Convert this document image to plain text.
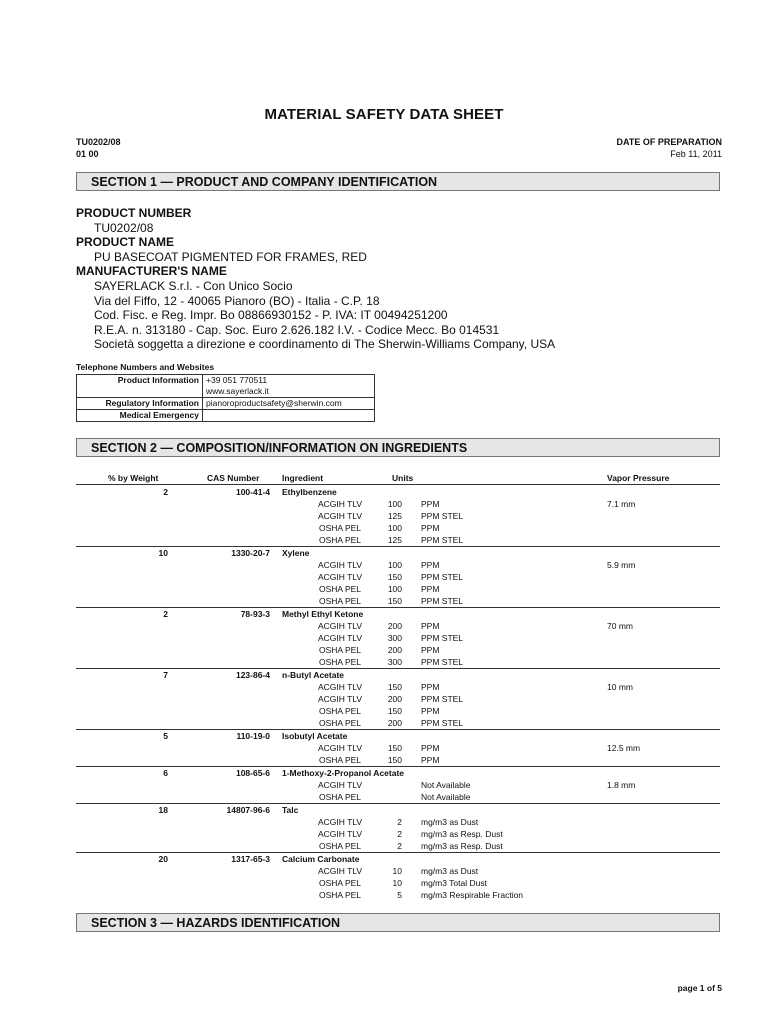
MATERIAL SAFETY DATA SHEET
TU0202/08
01 00
DATE OF PREPARATION
Feb 11, 2011
SECTION 1 — PRODUCT AND COMPANY IDENTIFICATION
PRODUCT NUMBER
TU0202/08
PRODUCT NAME
PU BASECOAT PIGMENTED FOR FRAMES, RED
MANUFACTURER'S NAME
SAYERLACK S.r.l. - Con Unico Socio
Via del Fiffo, 12 - 40065 Pianoro (BO) - Italia - C.P. 18
Cod. Fisc. e Reg. Impr. Bo 08866930152 - P. IVA: IT 00494251200
R.E.A. n. 313180 - Cap. Soc. Euro 2.626.182 I.V. - Codice Mecc. Bo 014531
Società soggetta a direzione e coordinamento di The Sherwin-Williams Company, USA
Telephone Numbers and Websites
Product Information	+39 051 770511
www.sayerlack.it

Regulatory Information	pianoroproductsafety@sherwin.com

Medical Emergency	
SECTION 2 — COMPOSITION/INFORMATION ON INGREDIENTS
% by Weight	CAS Number	Ingredient	Units	Vapor Pressure
2	100-41-4 Ethylbenzene
ACGIH TLV	100 PPM	7.1 mm
ACGIH TLV	125 PPM STEL
OSHA PEL	100 PPM
OSHA PEL	125 PPM STEL
10	1330-20-7 Xylene
ACGIH TLV	100 PPM	5.9 mm
ACGIH TLV	150 PPM STEL
OSHA PEL	100 PPM
OSHA PEL	150 PPM STEL
2	78-93-3 Methyl Ethyl Ketone
ACGIH TLV	200 PPM	70 mm
ACGIH TLV	300 PPM STEL
OSHA PEL	200 PPM
OSHA PEL	300 PPM STEL
7	123-86-4 n-Butyl Acetate
ACGIH TLV	150 PPM	10 mm
ACGIH TLV	200 PPM STEL
OSHA PEL	150 PPM
OSHA PEL	200 PPM STEL
5	110-19-0 Isobutyl Acetate
ACGIH TLV	150 PPM	12.5 mm
OSHA PEL	150 PPM
6	108-65-6 1-Methoxy-2-Propanol Acetate
ACGIH TLV	Not Available	1.8 mm
OSHA PEL	Not Available
18	14807-96-6 Talc
ACGIH TLV	2 mg/m3 as Dust
ACGIH TLV	2 mg/m3 as Resp. Dust
OSHA PEL	2 mg/m3 as Resp. Dust
20	1317-65-3 Calcium Carbonate
ACGIH TLV	10 mg/m3 as Dust
OSHA PEL	10 mg/m3 Total Dust
OSHA PEL	5 mg/m3 Respirable Fraction
SECTION 3 — HAZARDS IDENTIFICATION
page 1 of 5
